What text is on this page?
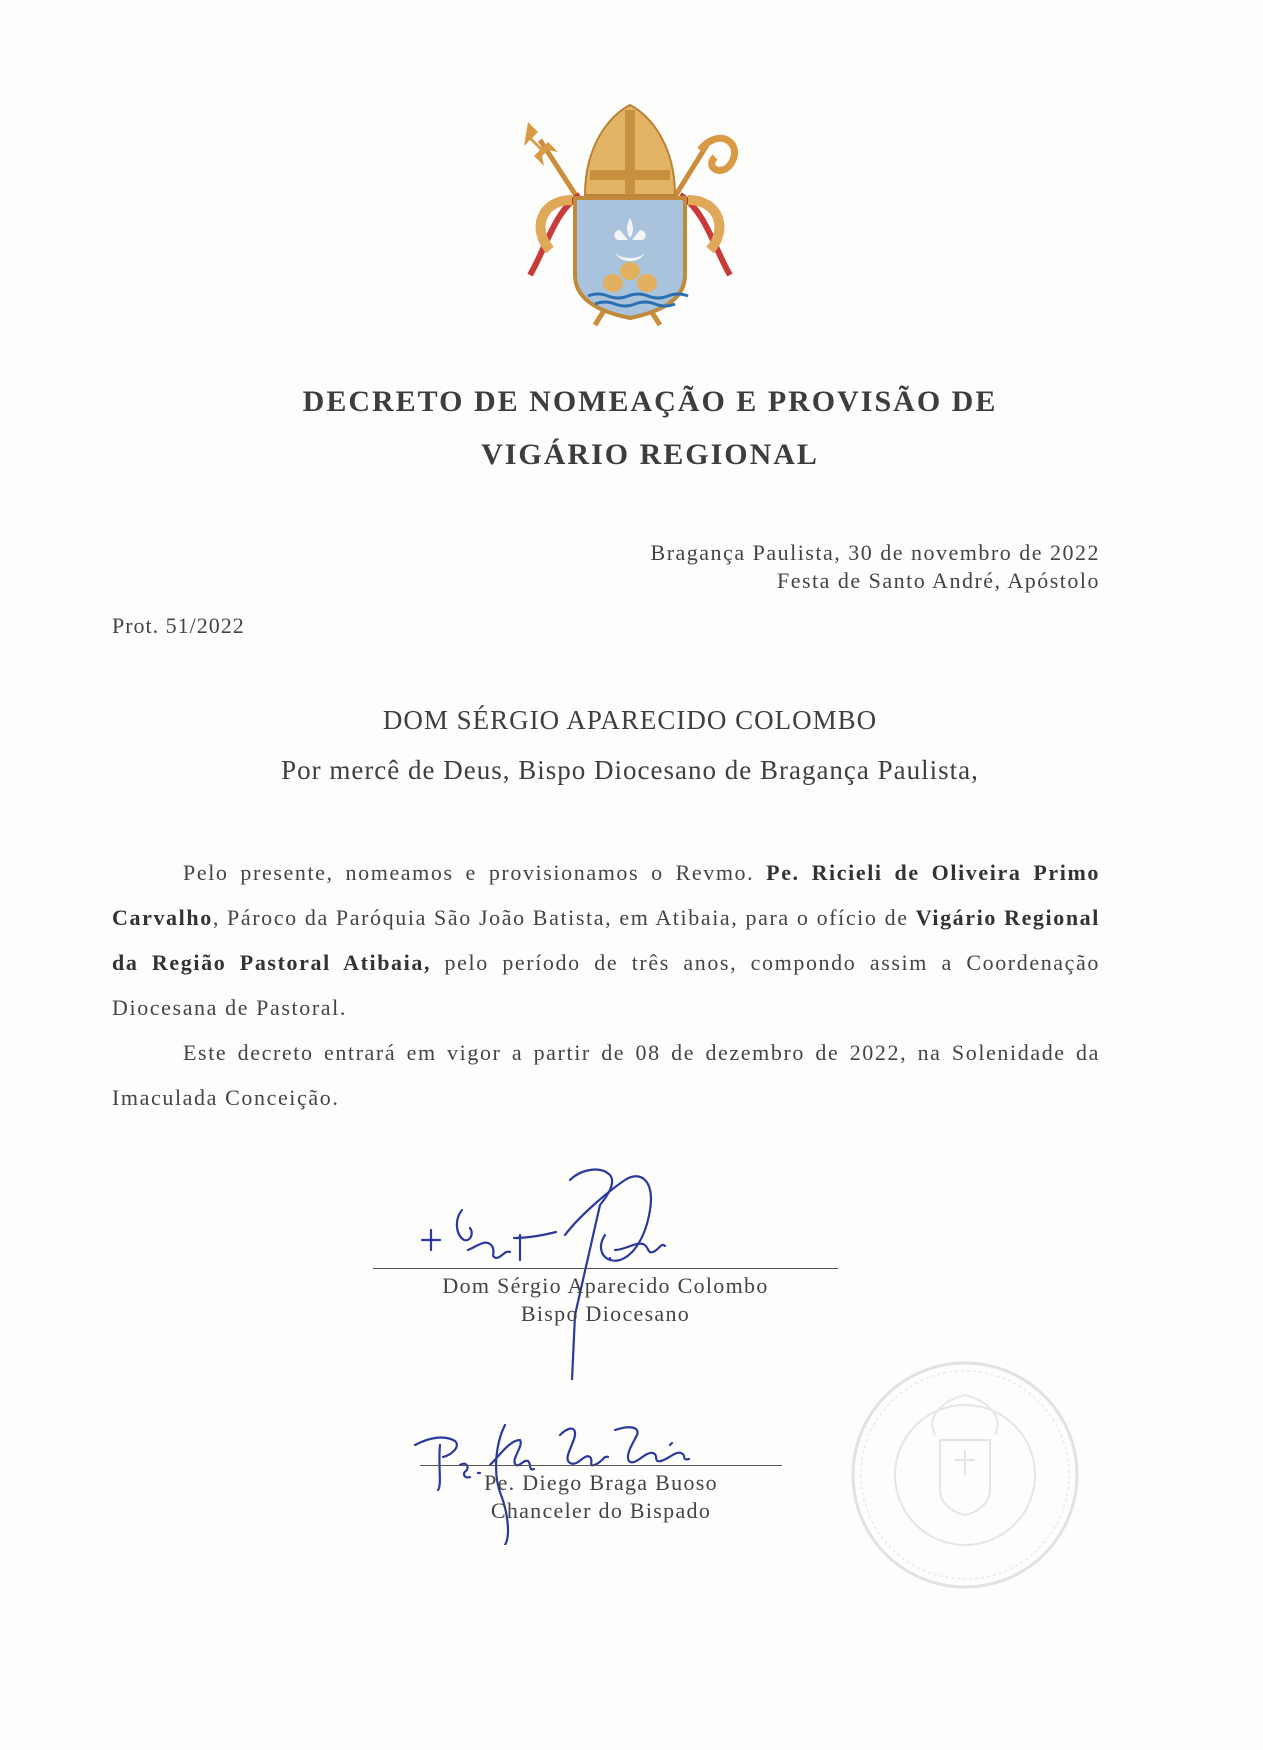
DECRETO DE NOMEAÇÃO E PROVISÃO DE
VIGÁRIO REGIONAL
Bragança Paulista, 30 de novembro de 2022
Festa de Santo André, Apóstolo
Prot. 51/2022
DOM SÉRGIO APARECIDO COLOMBO
Por mercê de Deus, Bispo Diocesano de Bragança Paulista,

Pelo presente, nomeamos e provisionamos o Revmo. Pe. Ricieli de Oliveira Primo Carvalho, Pároco da Paróquia São João Batista, em Atibaia, para o ofício de Vigário Regional da Região Pastoral Atibaia, pelo período de três anos, compondo assim a Coordenação Diocesana de Pastoral.

Este decreto entrará em vigor a partir de 08 de dezembro de 2022, na Solenidade da Imaculada Conceição.

Dom Sérgio Aparecido Colombo
Bispo Diocesano
Pe. Diego Braga Buoso
Chanceler do Bispado
